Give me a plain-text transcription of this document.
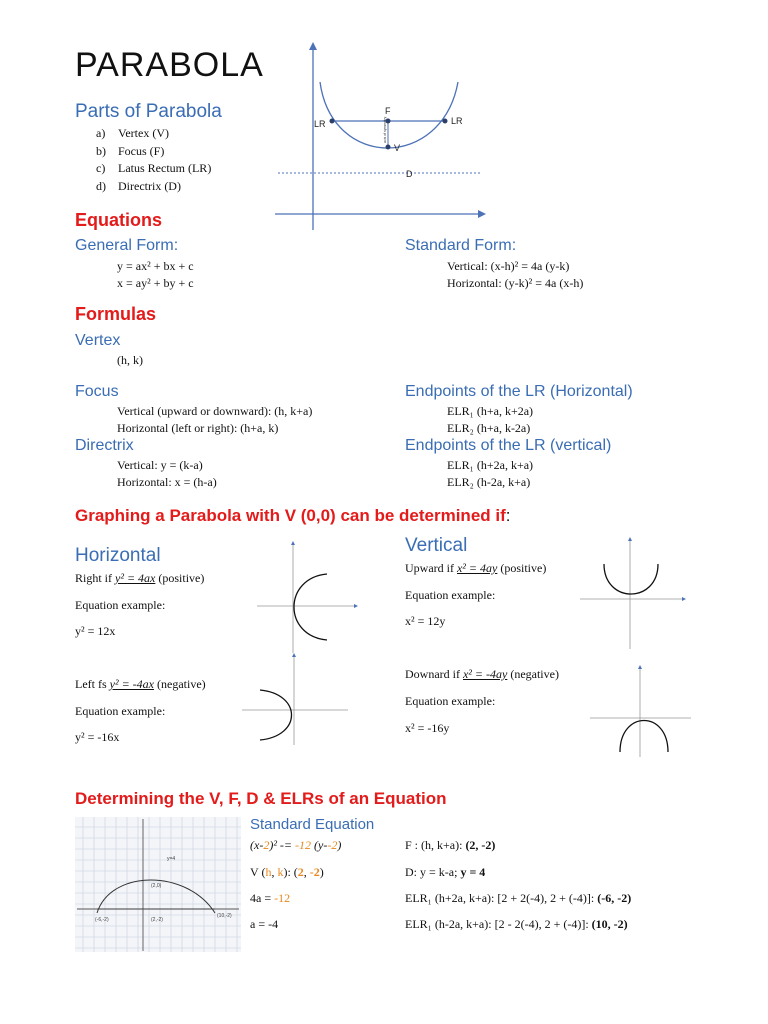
PARABOLA
Parts of Parabola
a) Vertex (V)
b) Focus (F)
c) Latus Rectum (LR)
d) Directrix (D)
LR	LR
F
V
D
axis of symmetry
Equations
General Form:
y = ax² + bx + c
x = ay² + by + c
Standard Form:
Vertical: (x-h)² = 4a (y-k)
Horizontal: (y-k)² = 4a (x-h)
Formulas
Vertex
(h, k)
Focus
Vertical (upward or downward): (h, k+a)
Horizontal (left or right): (h+a, k)
Directrix
Vertical: y = (k-a)
Horizontal: x = (h-a)
Endpoints of the LR (Horizontal)
ELR₁ (h+a, k+2a)
ELR₂ (h+a, k-2a)
Endpoints of the LR (vertical)
ELR₁ (h+2a, k+a)
ELR₂ (h-2a, k+a)
Graphing a Parabola with V (0,0) can be determined if:
Horizontal
Right if y² = 4ax (positive)
Equation example:
y² = 12x
Left fs y² = -4ax (negative)
Equation example:
y² = -16x
Vertical
Upward if x² = 4ay (positive)
Equation example:
x² = 12y
Downard if x² = -4ay (negative)
Equation example:
x² = -16y
Determining the V, F, D & ELRs of an Equation
(-6,-2)	(2,-2)
(10,-2)
(2,0)
y=4
Standard Equation
(x-2)² -= -12 (y--2)
V (h, k): (2, -2)
4a = -12
a = -4
F : (h, k+a): (2, -2)
D: y = k-a; y = 4
ELR₁ (h+2a, k+a): [2 + 2(-4), 2 + (-4)]: (-6, -2)
ELR₁ (h-2a, k+a): [2 - 2(-4), 2 + (-4)]: (10, -2)
